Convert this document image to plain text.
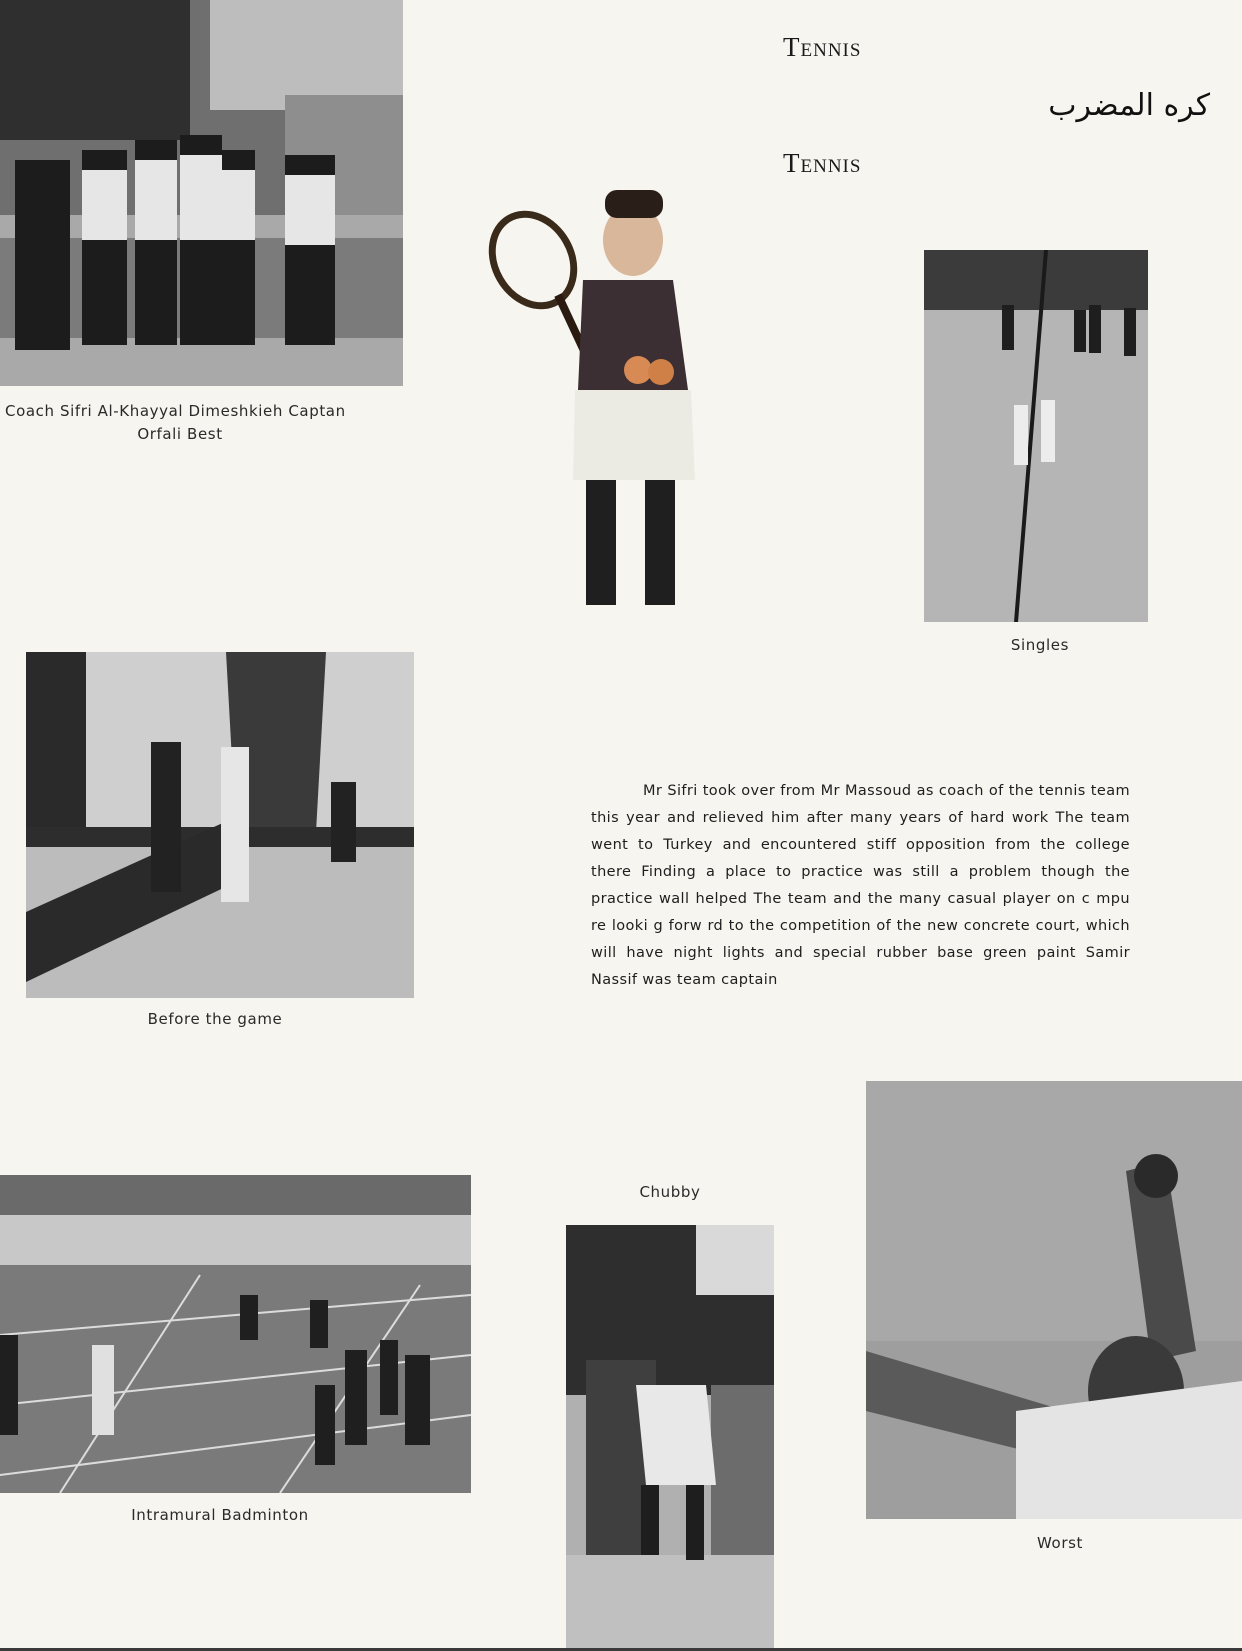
Coach Sifri Al-Khayyal Dimeshkieh Captan
Orfali Best
Tennis
Tennis
كره المضرب
Singles
Before the game

Mr Sifri took over from Mr Massoud as coach of the tennis team this year and relieved him after many years of hard work The team went to Turkey and encountered stiff opposition from the college there Finding a place to practice was still a problem though the practice wall helped The team and the many casual player on c mpu re looki g forw rd to the competition of the new concrete court, which will have night lights and special rubber base green paint Samir Nassif was team captain

Intramural Badminton
Chubby
Worst
